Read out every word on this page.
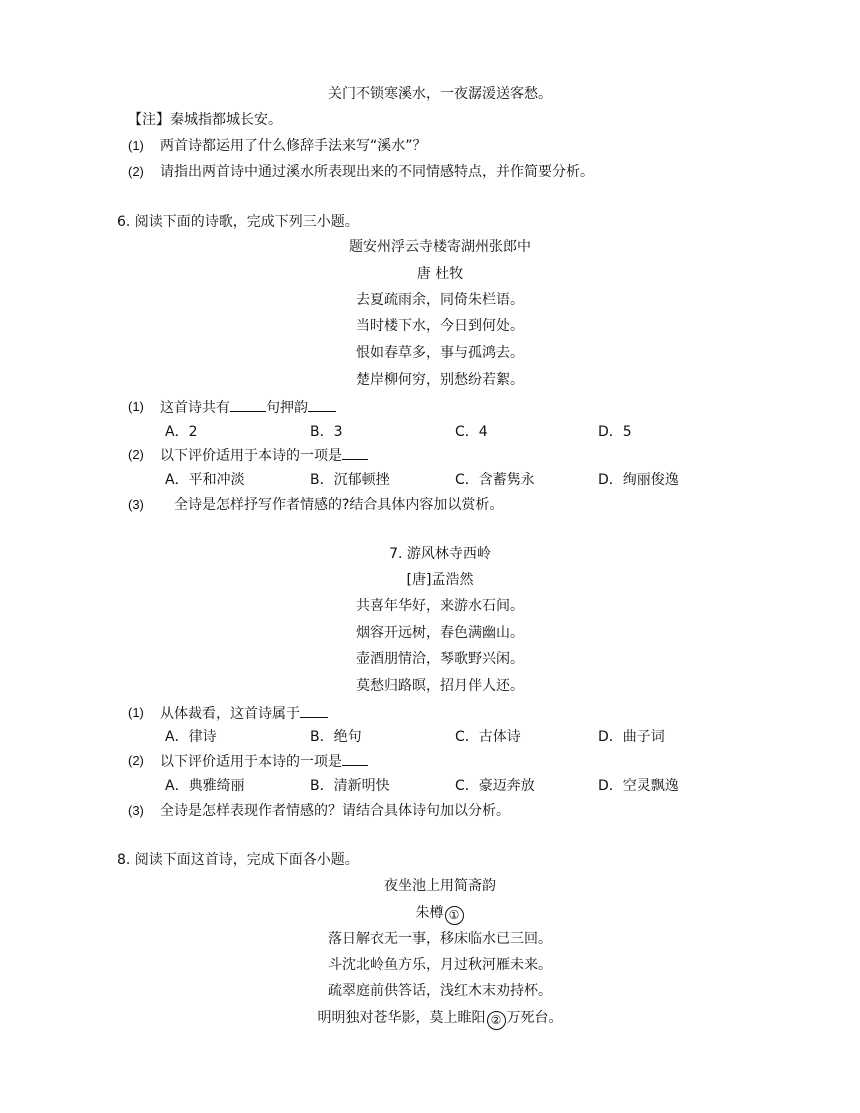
关门不锁寒溪水，一夜潺湲送客愁。
【注】秦城指都城长安。
(1) 两首诗都运用了什么修辞手法来写“溪水”？
(2) 请指出两首诗中通过溪水所表现出来的不同情感特点，并作简要分析。
6. 阅读下面的诗歌，完成下列三小题。
题安州浮云寺楼寄湖州张郎中
唐 杜牧
去夏疏雨余，同倚朱栏语。
当时楼下水，今日到何处。
恨如春草多，事与孤鸿去。
楚岸柳何穷，别愁纷若絮。
(1) 这首诗共有	句押韵
A．2	B．3	C．4	D．5
(2) 以下评价适用于本诗的一项是
A．平和冲淡	B．沉郁顿挫	C．含蓄隽永	D．绚丽俊逸
(3) 全诗是怎样抒写作者情感的?结合具体内容加以赏析。
7. 游风林寺西岭
[唐]孟浩然
共喜年华好，来游水石间。
烟容开远树，春色满幽山。
壶酒朋情洽，琴歌野兴闲。
莫愁归路暝，招月伴人还。
(1) 从体裁看，这首诗属于
A．律诗	B．绝句	C．古体诗	D．曲子词
(2) 以下评价适用于本诗的一项是
A．典雅绮丽	B．清新明快	C．豪迈奔放	D．空灵飘逸
(3) 全诗是怎样表现作者情感的？请结合具体诗句加以分析。
8. 阅读下面这首诗，完成下面各小题。
夜坐池上用简斋韵
朱樽 ①
落日解衣无一事，移床临水已三回。
斗沈北岭鱼方乐，月过秋河雁未来。
疏翠庭前供答话，浅红木末劝持杯。
明明独对苍华影，莫上睢阳 ② 万死台。
